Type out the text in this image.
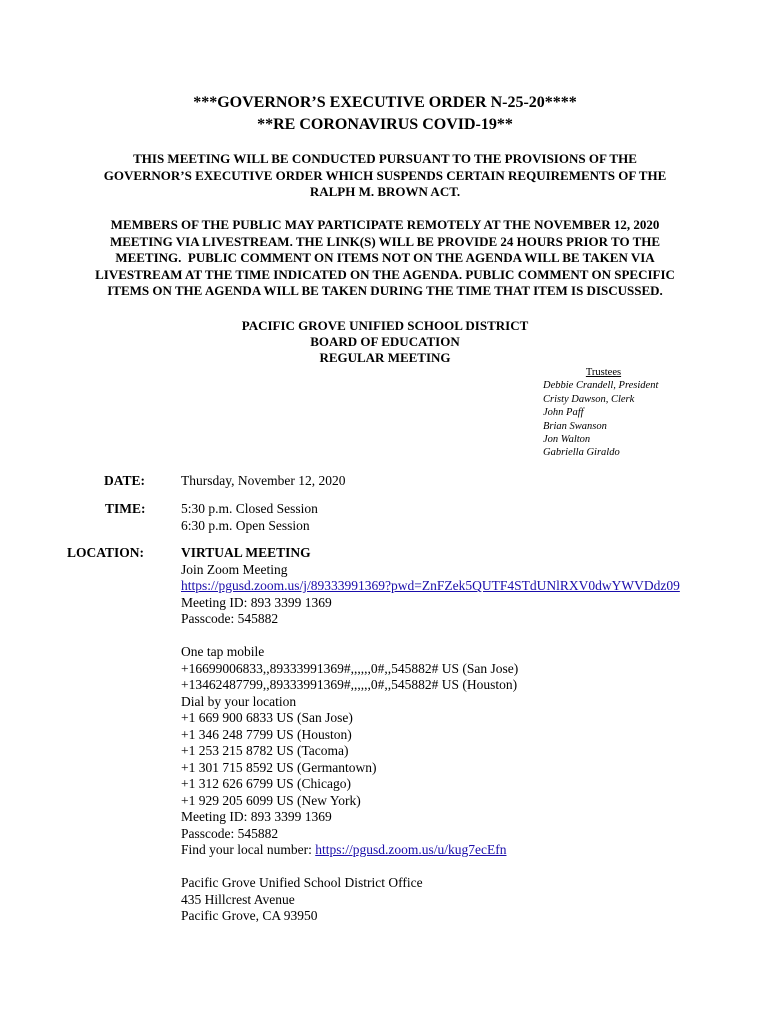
***GOVERNOR’S EXECUTIVE ORDER N-25-20****
**RE CORONAVIRUS COVID-19**
THIS MEETING WILL BE CONDUCTED PURSUANT TO THE PROVISIONS OF THE
GOVERNOR’S EXECUTIVE ORDER WHICH SUSPENDS CERTAIN REQUIREMENTS OF THE
RALPH M. BROWN ACT.
MEMBERS OF THE PUBLIC MAY PARTICIPATE REMOTELY AT THE NOVEMBER 12, 2020
MEETING VIA LIVESTREAM. THE LINK(S) WILL BE PROVIDE 24 HOURS PRIOR TO THE
MEETING.  PUBLIC COMMENT ON ITEMS NOT ON THE AGENDA WILL BE TAKEN VIA
LIVESTREAM AT THE TIME INDICATED ON THE AGENDA. PUBLIC COMMENT ON SPECIFIC
ITEMS ON THE AGENDA WILL BE TAKEN DURING THE TIME THAT ITEM IS DISCUSSED.
PACIFIC GROVE UNIFIED SCHOOL DISTRICT
BOARD OF EDUCATION
REGULAR MEETING
Trustees
Debbie Crandell, President
Cristy Dawson, Clerk
John Paff
Brian Swanson
Jon Walton
Gabriella Giraldo
DATE:	Thursday, November 12, 2020
TIME:	5:30 p.m. Closed Session
6:30 p.m. Open Session
LOCATION:	VIRTUAL MEETING
Join Zoom Meeting
https://pgusd.zoom.us/j/89333991369?pwd=ZnFZek5QUTF4STdUNlRXV0dwYWVDdz09
Meeting ID: 893 3399 1369
Passcode: 545882
One tap mobile
+16699006833,,89333991369#,,,,,,0#,,545882# US (San Jose)
+13462487799,,89333991369#,,,,,,0#,,545882# US (Houston)
Dial by your location
+1 669 900 6833 US (San Jose)
+1 346 248 7799 US (Houston)
+1 253 215 8782 US (Tacoma)
+1 301 715 8592 US (Germantown)
+1 312 626 6799 US (Chicago)
+1 929 205 6099 US (New York)
Meeting ID: 893 3399 1369
Passcode: 545882
Find your local number: https://pgusd.zoom.us/u/kug7ecEfn
Pacific Grove Unified School District Office
435 Hillcrest Avenue
Pacific Grove, CA 93950
